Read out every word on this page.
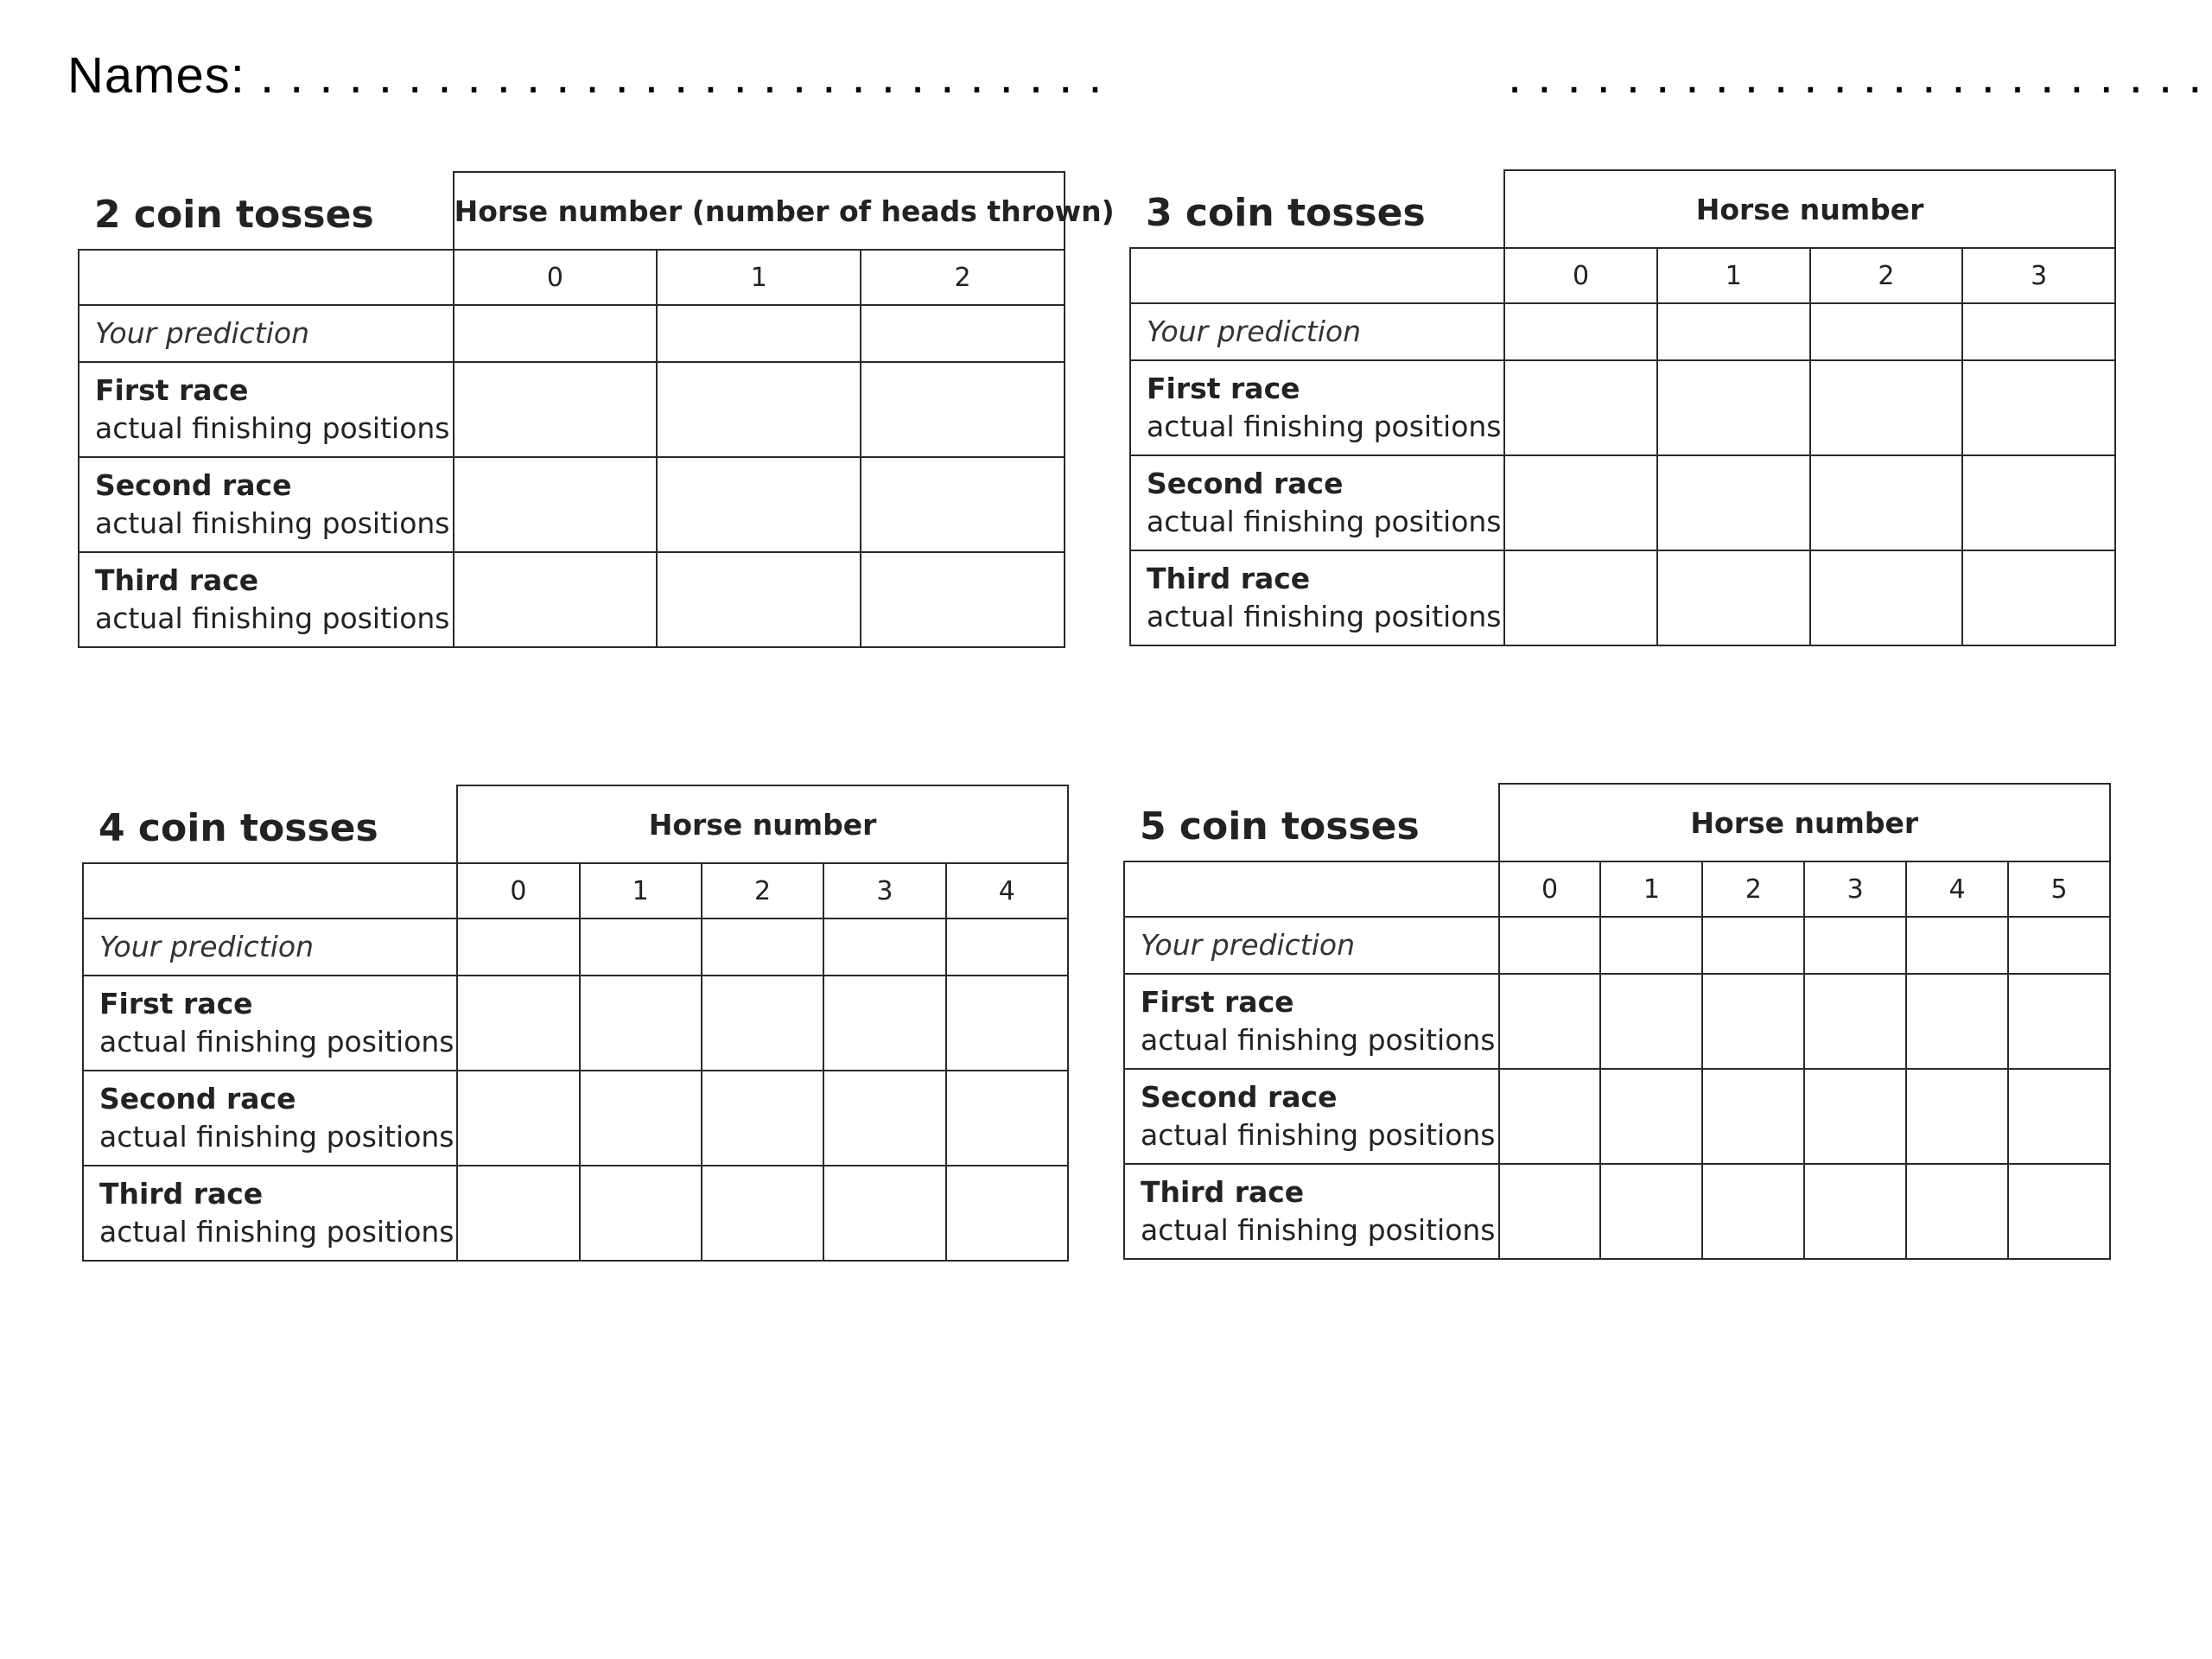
Names: . . . . . . . . . . . . . . . . . . . . . . . . . . . . .	. . . . . . . . . . . . . . . . . . . . . . . .
2 coin tosses	Horse number (number of heads thrown)		
	0	1	2
Your prediction			

First race
actual finishing positions			

Second race
actual finishing positions			

Third race
actual finishing positions			

3 coin tosses	Horse number			
	0	1	2	3
Your prediction				

First race
actual finishing positions				

Second race
actual finishing positions				

Third race
actual finishing positions				

4 coin tosses	Horse number				
	0	1	2	3	4
Your prediction					

First race
actual finishing positions					

Second race
actual finishing positions					

Third race
actual finishing positions					

5 coin tosses	Horse number					
	0	1	2	3	4	5
Your prediction						

First race
actual finishing positions						

Second race
actual finishing positions						

Third race
actual finishing positions						
